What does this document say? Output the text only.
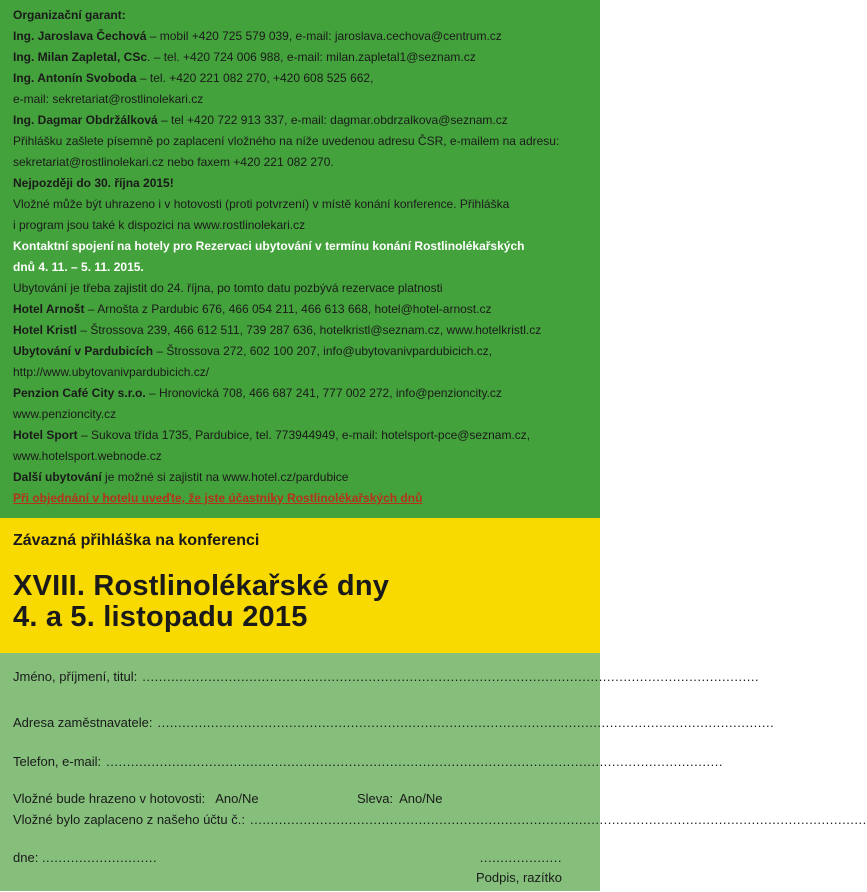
Organizační garant:
Ing. Jaroslava Čechová – mobil +420 725 579 039, e-mail: jaroslava.cechova@centrum.cz
Ing. Milan Zapletal, CSc. – tel. +420 724 006 988, e-mail: milan.zapletal1@seznam.cz
Ing. Antonín Svoboda – tel. +420 221 082 270, +420 608 525 662,
e-mail: sekretariat@rostlinolekari.cz
Ing. Dagmar Obdržálková – tel +420 722 913 337, e-mail: dagmar.obdrzalkova@seznam.cz
Přihlášku zašlete písemně po zaplacení vložného na níže uvedenou adresu ČSR, e-mailem na adresu:
sekretariat@rostlinolekari.cz nebo faxem +420 221 082 270.
Nejpozději do 30. října 2015!
Vložné může být uhrazeno i v hotovosti (proti potvrzení) v místě konání konference. Přihláška
i program jsou také k dispozici na www.rostlinolekari.cz
Kontaktní spojení na hotely pro Rezervaci ubytování v termínu konání Rostlinolékařských
dnů 4. 11. – 5. 11. 2015.
Ubytování je třeba zajistit do 24. října, po tomto datu pozbývá rezervace platnosti
Hotel Arnošt – Arnošta z Pardubic 676, 466 054 211, 466 613 668, hotel@hotel-arnost.cz
Hotel Kristl – Štrossova 239, 466 612 511, 739 287 636, hotelkristl@seznam.cz, www.hotelkristl.cz
Ubytování v Pardubicích – Štrossova 272, 602 100 207, info@ubytovanivpardubicich.cz,
http://www.ubytovanivpardubicich.cz/
Penzion Café City s.r.o. – Hronovická 708, 466 687 241, 777 002 272, info@penzioncity.cz
www.penzioncity.cz
Hotel Sport – Sukova třída 1735, Pardubice, tel. 773944949, e-mail: hotelsport-pce@seznam.cz,
www.hotelsport.webnode.cz
Další ubytování je možné si zajistit na www.hotel.cz/pardubice
Při objednání v hotelu uveďte, že jste účastníky Rostlinolékařských dnů
Závazná přihláška na konferenci
XVIII. Rostlinolékařské dny
4. a 5. listopadu 2015
Jméno, příjmení, titul: ......................................................................................................................................................
Adresa zaměstnavatele: ......................................................................................................................................................
Telefon, e-mail: ......................................................................................................................................................
Vložné bude hrazeno v hotovosti: Ano/Ne	Sleva: Ano/Ne
Vložné bylo zaplaceno z našeho účtu č.: ......................................................................................................................................................
dne: ............................	....................
Podpis, razítko
